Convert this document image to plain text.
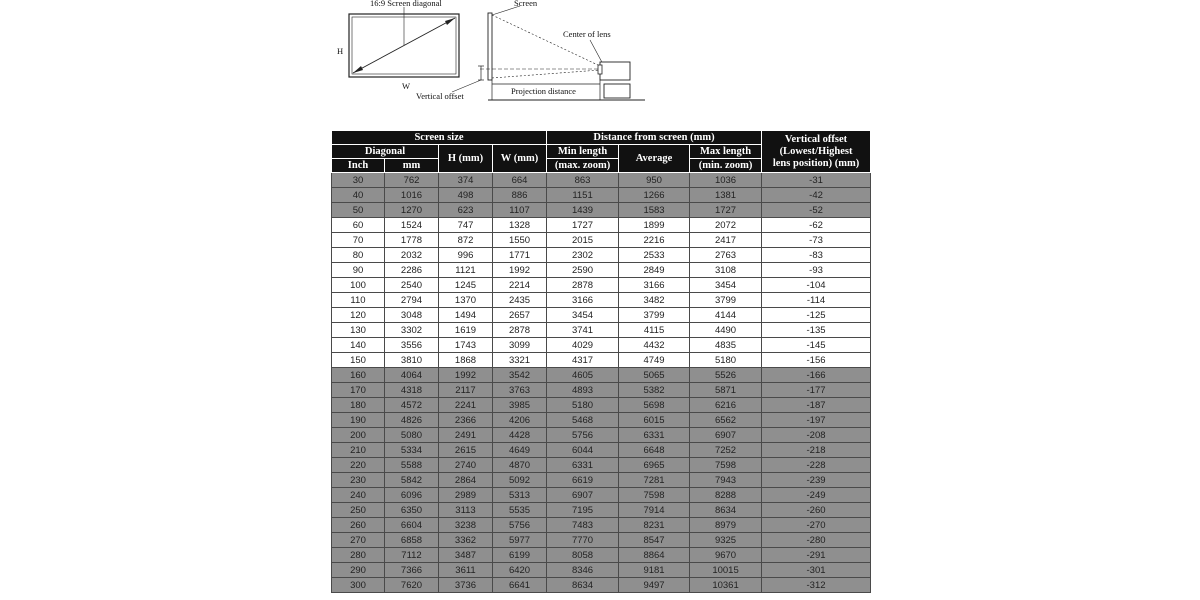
16:9 Screen diagonal
H
W
Screen
Center of lens
Vertical offset	Projection distance
Screen size				Distance from screen (mm)			Vertical offset
(Lowest/Highest
lens position) (mm)

Diagonal		H (mm)	W (mm)	Min length	Average	Max length	
Inch	mm			(max. zoom)		(min. zoom)	
30	762	374	664	863	950	1036	-31
40	1016	498	886	1151	1266	1381	-42
50	1270	623	1107	1439	1583	1727	-52
60	1524	747	1328	1727	1899	2072	-62
70	1778	872	1550	2015	2216	2417	-73
80	2032	996	1771	2302	2533	2763	-83
90	2286	1121	1992	2590	2849	3108	-93
100	2540	1245	2214	2878	3166	3454	-104
110	2794	1370	2435	3166	3482	3799	-114
120	3048	1494	2657	3454	3799	4144	-125
130	3302	1619	2878	3741	4115	4490	-135
140	3556	1743	3099	4029	4432	4835	-145
150	3810	1868	3321	4317	4749	5180	-156
160	4064	1992	3542	4605	5065	5526	-166
170	4318	2117	3763	4893	5382	5871	-177
180	4572	2241	3985	5180	5698	6216	-187
190	4826	2366	4206	5468	6015	6562	-197
200	5080	2491	4428	5756	6331	6907	-208
210	5334	2615	4649	6044	6648	7252	-218
220	5588	2740	4870	6331	6965	7598	-228
230	5842	2864	5092	6619	7281	7943	-239
240	6096	2989	5313	6907	7598	8288	-249
250	6350	3113	5535	7195	7914	8634	-260
260	6604	3238	5756	7483	8231	8979	-270
270	6858	3362	5977	7770	8547	9325	-280
280	7112	3487	6199	8058	8864	9670	-291
290	7366	3611	6420	8346	9181	10015	-301
300	7620	3736	6641	8634	9497	10361	-312
